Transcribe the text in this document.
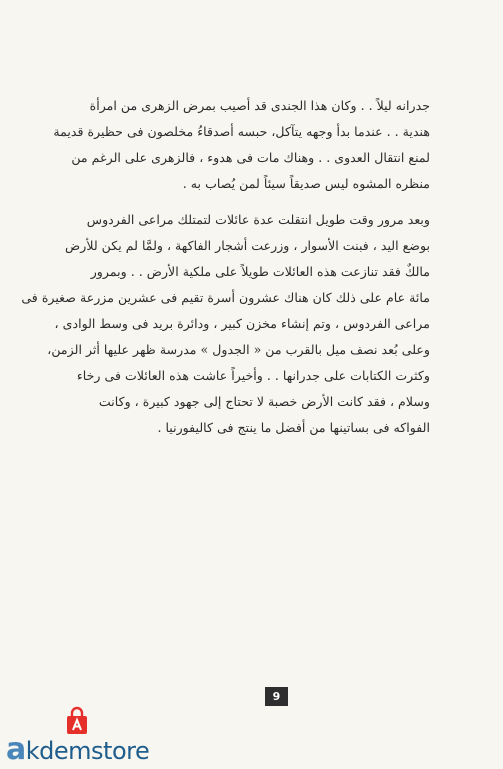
جدرانه ليلاً . . وكان هذا الجندى قد أصيب بمرض الزهرى من امرأة

هندية . . عندما بدأ وجهه يتآكل، حبسه أصدقاءُ مخلصون فى حظيرة قديمة

لمنع انتقال العدوى . . وهناك مات فى هدوء ، فالزهرى على الرغم من

منظره المشوه ليس صديقاً سيئاً لمن يُصاب به .

وبعد مرور وقت طويل انتقلت عدة عائلات لتمتلك مراعى الفردوس

بوضع اليد ، فبنت الأسوار ، وزرعت أشجار الفاكهة ، ولمَّا لم يكن للأرض

مالكٌ فقد تنازعت هذه العائلات طويلاً على ملكية الأرض . . وبمرور

مائة عام على ذلك كان هناك عشرون أسرة تقيم فى عشرين مزرعة صغيرة فى

مراعى الفردوس ، وتم إنشاء مخزن كبير ، ودائرة بريد فى وسط الوادى ،

وعلى بُعد نصف ميل بالقرب من « الجدول » مدرسة ظهر عليها أثر الزمن،

وكثرت الكتابات على جدرانها . . وأخيراً عاشت هذه العائلات فى رخاء

وسلام ، فقد كانت الأرض خصبة لا تحتاج إلى جهود كبيرة ، وكانت

الفواكه فى بساتينها من أفضل ما ينتج فى كاليفورنيا .

9
akdemstore
